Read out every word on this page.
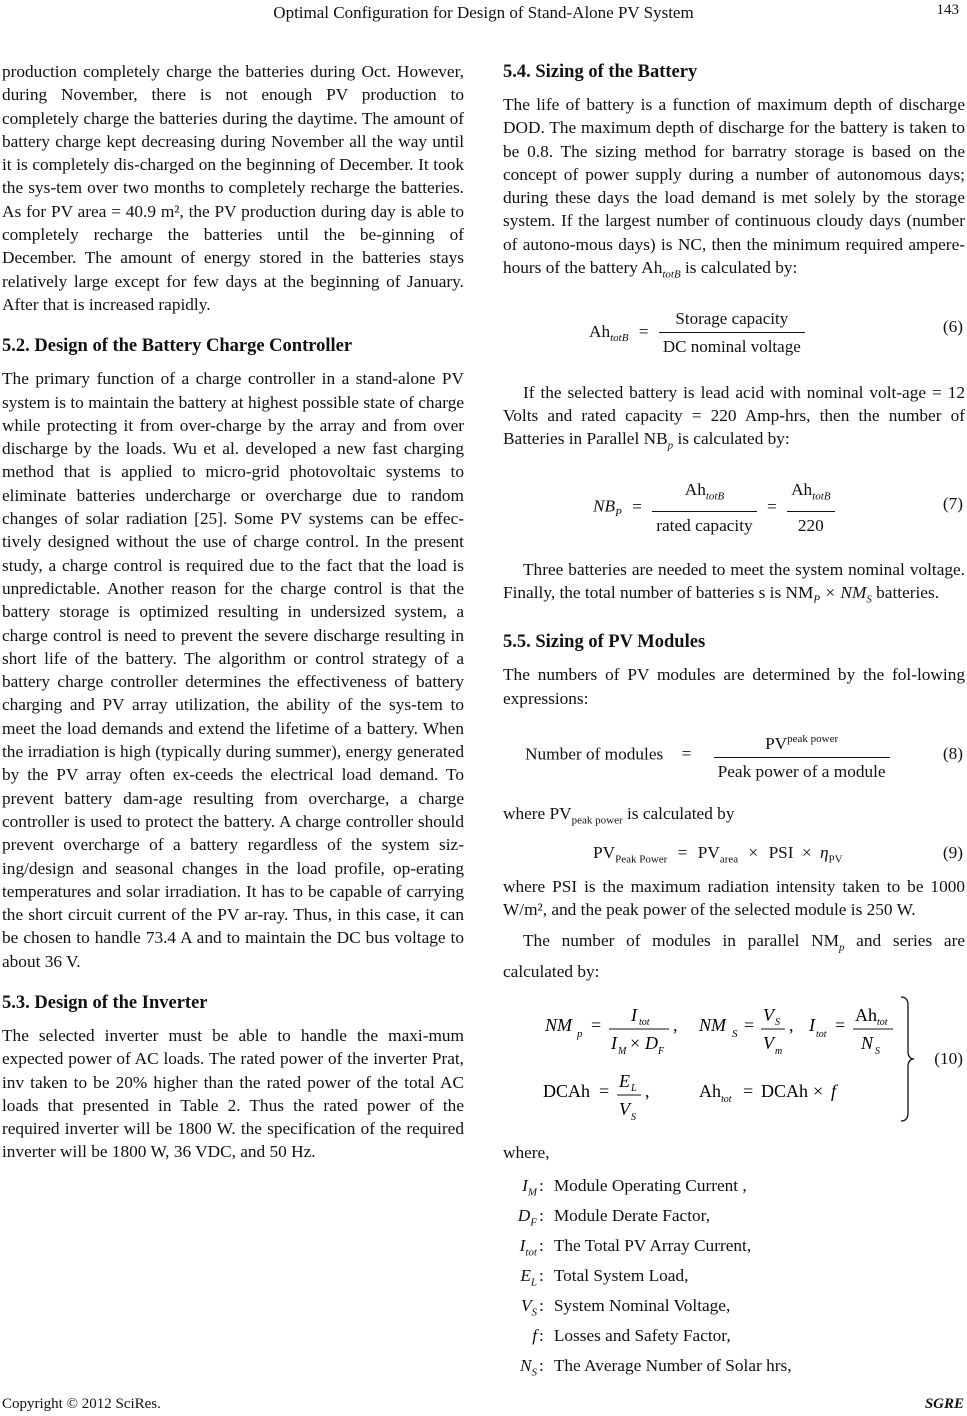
Optimal Configuration for Design of Stand-Alone PV System	143

production completely charge the batteries during Oct. However, during November, there is not enough PV production to completely charge the batteries during the daytime. The amount of battery charge kept decreasing during November all the way until it is completely dis-charged on the beginning of December. It took the sys-tem over two months to completely recharge the batteries. As for PV area = 40.9 m², the PV production during day is able to completely recharge the batteries until the be-ginning of December. The amount of energy stored in the batteries stays relatively large except for few days at the beginning of January. After that is increased rapidly.

5.2. Design of the Battery Charge Controller

The primary function of a charge controller in a stand-alone PV system is to maintain the battery at highest possible state of charge while protecting it from over-charge by the array and from over discharge by the loads. Wu et al. developed a new fast charging method that is applied to micro-grid photovoltaic systems to eliminate batteries undercharge or overcharge due to random changes of solar radiation [25]. Some PV systems can be effec-tively designed without the use of charge control. In the present study, a charge control is required due to the fact that the load is unpredictable. Another reason for the charge control is that the battery storage is optimized resulting in undersized system, a charge control is need to prevent the severe discharge resulting in short life of the battery. The algorithm or control strategy of a battery charge controller determines the effectiveness of battery charging and PV array utilization, the ability of the sys-tem to meet the load demands and extend the lifetime of a battery. When the irradiation is high (typically during summer), energy generated by the PV array often ex-ceeds the electrical load demand. To prevent battery dam-age resulting from overcharge, a charge controller is used to protect the battery. A charge controller should prevent overcharge of a battery regardless of the system siz-ing/design and seasonal changes in the load profile, op-erating temperatures and solar irradiation. It has to be capable of carrying the short circuit current of the PV ar-ray. Thus, in this case, it can be chosen to handle 73.4 A and to maintain the DC bus voltage to about 36 V.

5.3. Design of the Inverter

The selected inverter must be able to handle the maxi-mum expected power of AC loads. The rated power of the inverter Prat, inv taken to be 20% higher than the rated power of the total AC loads that presented in Table 2. Thus the rated power of the required inverter will be 1800 W. the specification of the required inverter will be 1800 W, 36 VDC, and 50 Hz.

5.4. Sizing of the Battery

The life of battery is a function of maximum depth of discharge DOD. The maximum depth of discharge for the battery is taken to be 0.8. The sizing method for barratry storage is based on the concept of power supply during a number of autonomous days; during these days the load demand is met solely by the storage system. If the largest number of continuous cloudy days (number of autono-mous days) is NC, then the minimum required ampere-hours of the battery $Ah_{totB}$ is calculated by:

$Ah_{totB} = \frac{\text{Storage capacity}}{\text{DC nominal voltage}}$	(6)

If the selected battery is lead acid with nominal volt-age = 12 Volts and rated capacity = 220 Amp-hrs, then the number of Batteries in Parallel $NB_p$ is calculated by:

$NB_P = \frac{Ah_{totB}}{\text{rated capacity}} = \frac{Ah_{totB}}{220}$	(7)

Three batteries are needed to meet the system nominal voltage. Finally, the total number of batteries s is $NM_P \times NM_S$ batteries.

5.5. Sizing of PV Modules

The numbers of PV modules are determined by the fol-lowing expressions:

Number of modules = $\frac{PV^{peak power}}{\text{Peak power of a module}}$	(8)

where $PV_{peak power}$ is calculated by

$PV_{Peak Power} = PV_{area}$ × PSI × $\eta_{PV}$	(9)

where PSI is the maximum radiation intensity taken to be 1000 W/m², and the peak power of the selected module is 250 W.

The number of modules in parallel $NM_p$ and series are calculated by:

NM p = I tot
I M × D F
, NM S = V S
V m
, I tot = Ah tot
N S
DCAh = E L
V S
,	Ah tot = DCAh × f
(10)

where,

$I_M$ : Module Operating Current ,
$D_F$ : Module Derate Factor,
$I_{tot}$ : The Total PV Array Current,
$E_L$ : Total System Load,
$V_S$ : System Nominal Voltage,
f : Losses and Safety Factor,
$N_S$ : The Average Number of Solar hrs,
Copyright © 2012 SciRes.	SGRE
